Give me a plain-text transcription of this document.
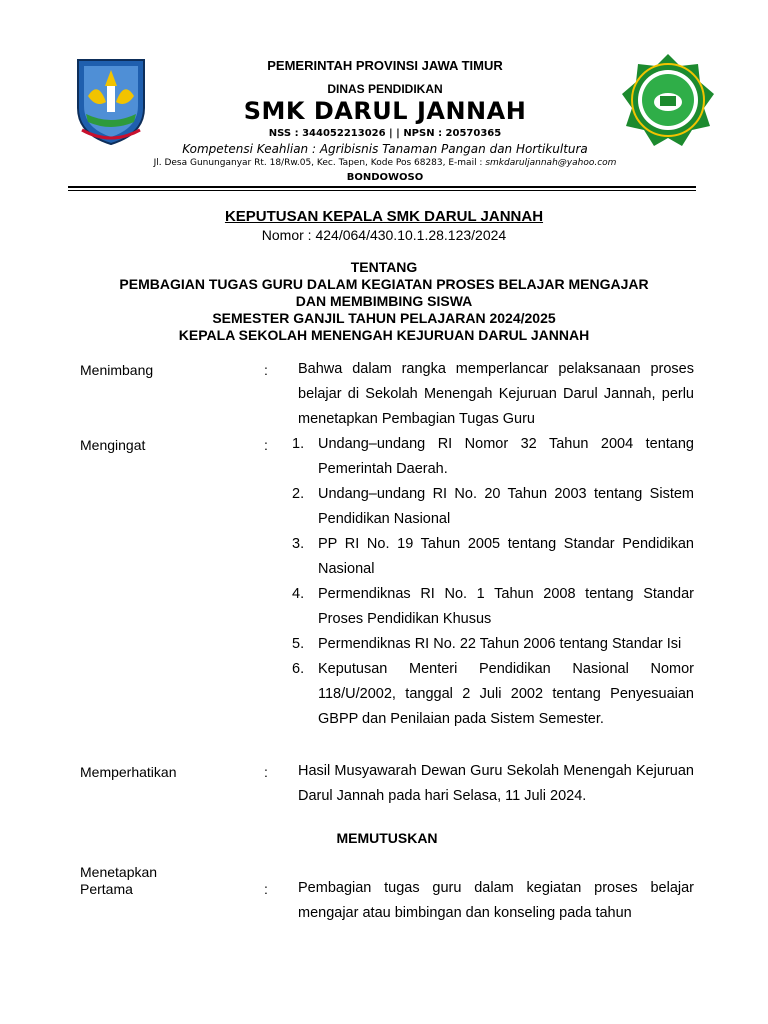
PEMERINTAH PROVINSI JAWA TIMUR
DINAS PENDIDIKAN
SMK DARUL JANNAH
NSS : 344052213026 | | NPSN : 20570365
Kompetensi Keahlian : Agribisnis Tanaman Pangan dan Hortikultura
Jl. Desa Gununganyar Rt. 18/Rw.05, Kec. Tapen, Kode Pos 68283, E-mail : smkdaruljannah@yahoo.com
BONDOWOSO
KEPUTUSAN KEPALA SMK DARUL JANNAH
Nomor : 424/064/430.10.1.28.123/2024
TENTANG
PEMBAGIAN TUGAS GURU DALAM KEGIATAN PROSES BELAJAR MENGAJAR
DAN MEMBIMBING SISWA
SEMESTER GANJIL TAHUN PELAJARAN 2024/2025
KEPALA SEKOLAH MENENGAH KEJURUAN DARUL JANNAH
Menimbang	: Bahwa dalam rangka memperlancar pelaksanaan proses belajar di Sekolah Menengah Kejuruan Darul Jannah, perlu menetapkan Pembagian Tugas Guru
Mengingat	: 1. Undang–undang RI Nomor 32 Tahun 2004 tentang Pemerintah Daerah.
2. Undang–undang RI No. 20 Tahun 2003 tentang Sistem Pendidikan Nasional
3. PP RI No. 19 Tahun 2005 tentang Standar Pendidikan Nasional
4. Permendiknas RI No. 1 Tahun 2008 tentang Standar Proses Pendidikan Khusus
5. Permendiknas RI No. 22 Tahun 2006 tentang Standar Isi
6. Keputusan Menteri Pendidikan Nasional Nomor 118/U/2002, tanggal 2 Juli 2002 tentang Penyesuaian GBPP dan Penilaian pada Sistem Semester.
Memperhatikan	: Hasil Musyawarah Dewan Guru Sekolah Menengah Kejuruan Darul Jannah pada hari Selasa, 11 Juli 2024.
MEMUTUSKAN
Menetapkan
Pertama	: Pembagian tugas guru dalam kegiatan proses belajar mengajar atau bimbingan dan konseling pada tahun
